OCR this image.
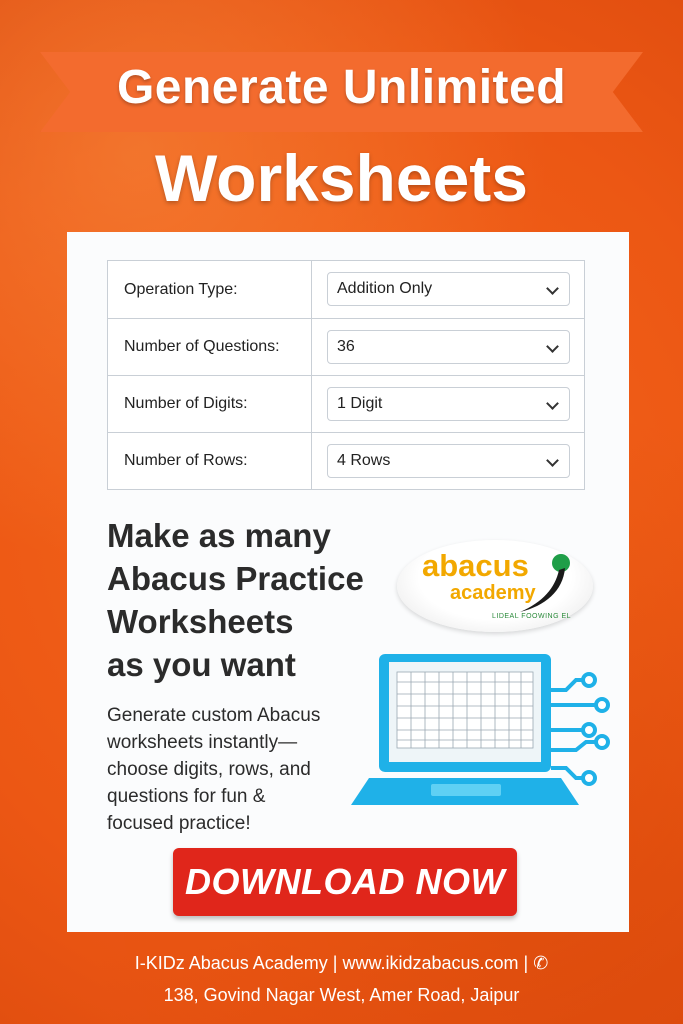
Generate Unlimited
Worksheets
Operation Type:	Addition Only
Number of Questions:	36
Number of Digits:	1 Digit
Number of Rows:	4 Rows
Make as many
Abacus Practice
Worksheets
as you want
abacus
academy
LIDEAL FOOWING EL
Generate custom Abacus
worksheets instantly—
choose digits, rows, and
questions for fun &
focused practice!
DOWNLOAD NOW
I-KIDz Abacus Academy | www.ikidzabacus.com | ✆
138, Govind Nagar West, Amer Road, Jaipur
